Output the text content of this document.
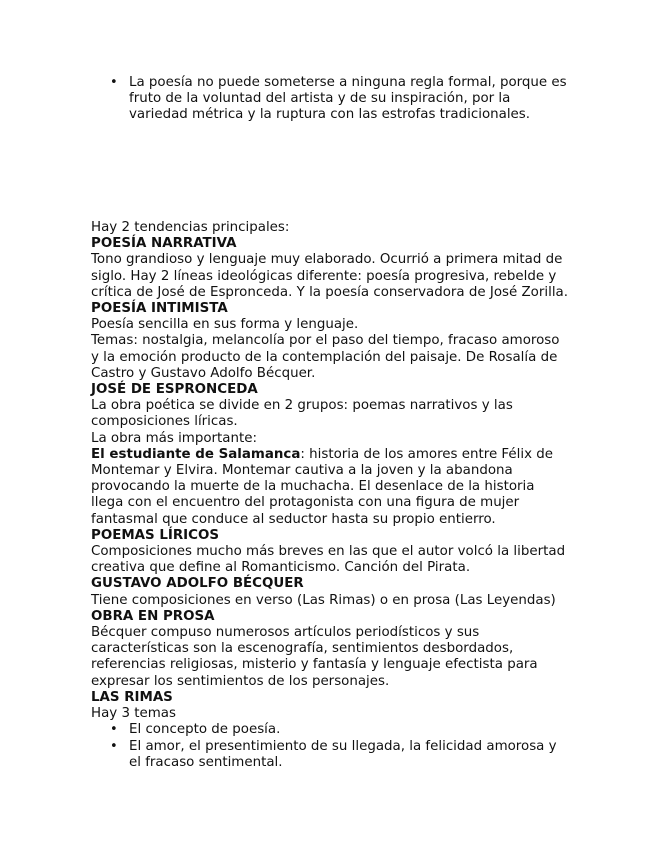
• La poesía no puede someterse a ninguna regla formal, porque es fruto de la voluntad del artista y de su inspiración, por la variedad métrica y la ruptura con las estrofas tradicionales.

Hay 2 tendencias principales:

POESÍA NARRATIVA

Tono grandioso y lenguaje muy elaborado. Ocurrió a primera mitad de siglo. Hay 2 líneas ideológicas diferente: poesía progresiva, rebelde y crítica de José de Espronceda. Y la poesía conservadora de José Zorilla.

POESÍA INTIMISTA

Poesía sencilla en sus forma y lenguaje.

Temas: nostalgia, melancolía por el paso del tiempo, fracaso amoroso y la emoción producto de la contemplación del paisaje. De Rosalía de Castro y Gustavo Adolfo Bécquer.

JOSÉ DE ESPRONCEDA

La obra poética se divide en 2 grupos: poemas narrativos y las composiciones líricas.

La obra más importante:

El estudiante de Salamanca: historia de los amores entre Félix de Montemar y Elvira. Montemar cautiva a la joven y la abandona provocando la muerte de la muchacha. El desenlace de la historia llega con el encuentro del protagonista con una figura de mujer fantasmal que conduce al seductor hasta su propio entierro.

POEMAS LÍRICOS

Composiciones mucho más breves en las que el autor volcó la libertad creativa que define al Romanticismo. Canción del Pirata.

GUSTAVO ADOLFO BÉCQUER

Tiene composiciones en verso (Las Rimas) o en prosa (Las Leyendas)

OBRA EN PROSA

Bécquer compuso numerosos artículos periodísticos y sus características son la escenografía, sentimientos desbordados, referencias religiosas, misterio y fantasía y lenguaje efectista para expresar los sentimientos de los personajes.

LAS RIMAS

Hay 3 temas

• El concepto de poesía.
• El amor, el presentimiento de su llegada, la felicidad amorosa y el fracaso sentimental.
